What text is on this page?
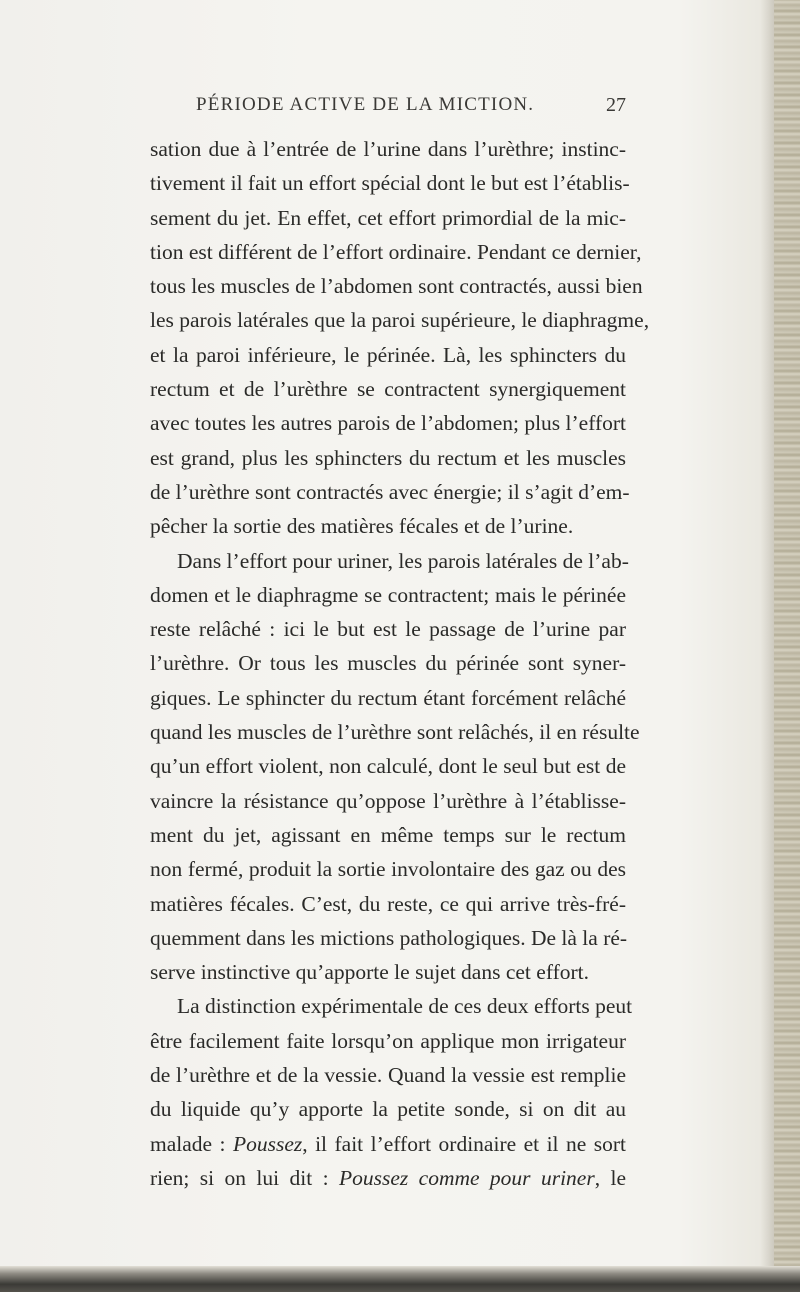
PÉRIODE ACTIVE DE LA MICTION.	27
sation due à l’entrée de l’urine dans l’urèthre; instinc-
tivement il fait un effort spécial dont le but est l’établis-
sement du jet. En effet, cet effort primordial de la mic-
tion est différent de l’effort ordinaire. Pendant ce dernier,
tous les muscles de l’abdomen sont contractés, aussi bien
les parois latérales que la paroi supérieure, le diaphragme,
et la paroi inférieure, le périnée. Là, les sphincters du
rectum et de l’urèthre se contractent synergiquement
avec toutes les autres parois de l’abdomen; plus l’effort
est grand, plus les sphincters du rectum et les muscles
de l’urèthre sont contractés avec énergie; il s’agit d’em-
pêcher la sortie des matières fécales et de l’urine.
Dans l’effort pour uriner, les parois latérales de l’ab-
domen et le diaphragme se contractent; mais le périnée
reste relâché : ici le but est le passage de l’urine par
l’urèthre. Or tous les muscles du périnée sont syner-
giques. Le sphincter du rectum étant forcément relâché
quand les muscles de l’urèthre sont relâchés, il en résulte
qu’un effort violent, non calculé, dont le seul but est de
vaincre la résistance qu’oppose l’urèthre à l’établisse-
ment du jet, agissant en même temps sur le rectum
non fermé, produit la sortie involontaire des gaz ou des
matières fécales. C’est, du reste, ce qui arrive très-fré-
quemment dans les mictions pathologiques. De là la ré-
serve instinctive qu’apporte le sujet dans cet effort.
La distinction expérimentale de ces deux efforts peut
être facilement faite lorsqu’on applique mon irrigateur
de l’urèthre et de la vessie. Quand la vessie est remplie
du liquide qu’y apporte la petite sonde, si on dit au
malade : Poussez, il fait l’effort ordinaire et il ne sort
rien; si on lui dit : Poussez comme pour uriner, le
